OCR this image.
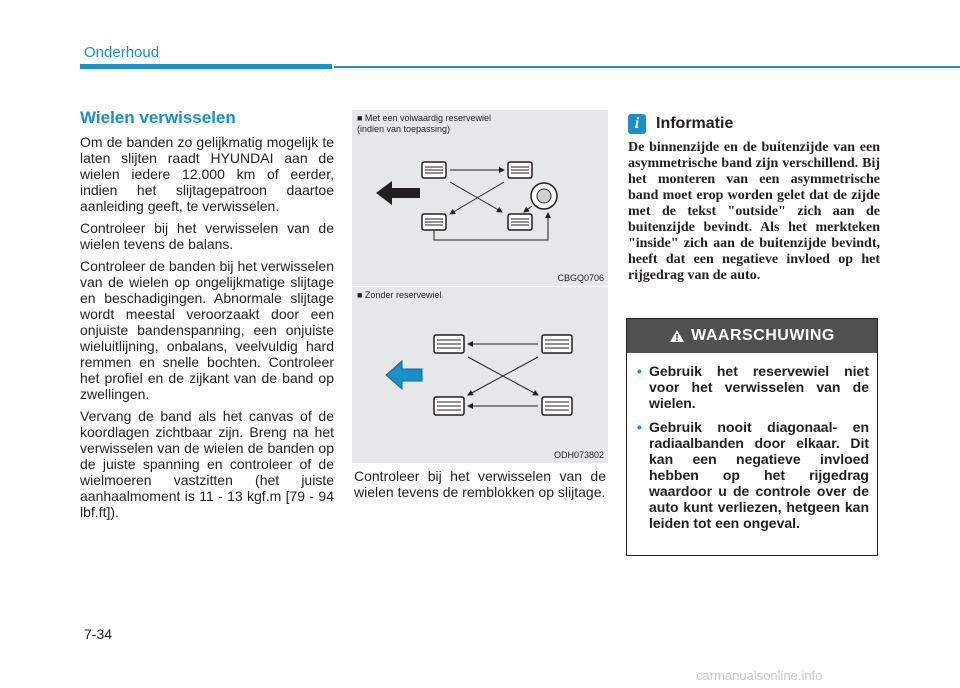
Onderhoud
Wielen verwisselen

Om de banden zo gelijkmatig mogelijk te laten slijten raadt HYUNDAI aan de wielen iedere 12.000 km of eerder, indien het slijtagepatroon daartoe aanleiding geeft, te verwisselen.

Controleer bij het verwisselen van de wielen tevens de balans.

Controleer de banden bij het verwisselen van de wielen op ongelijkmatige slijtage en beschadigingen. Abnormale slijtage wordt meestal veroorzaakt door een onjuiste bandenspanning, een onjuiste wieluitlijning, onbalans, veelvuldig hard remmen en snelle bochten. Controleer het profiel en de zijkant van de band op zwellingen.

Vervang de band als het canvas of de koordlagen zichtbaar zijn. Breng na het verwisselen van de wielen de banden op de juiste spanning en controleer of de wielmoeren vastzitten (het juiste aanhaalmoment is 11 - 13 kgf.m [79 - 94 lbf.ft]).

■ Met een volwaardig reservewiel
(indien van toepassing)
CBGQ0706
■ Zonder reservewiel
ODH073802

Controleer bij het verwisselen van de wielen tevens de remblokken op slijtage.

i	Informatie

De binnenzijde en de buitenzijde van een asymmetrische band zijn verschillend. Bij het monteren van een asymmetrische band moet erop worden gelet dat de zijde met de tekst "outside" zich aan de buitenzijde bevindt. Als het merkteken "inside" zich aan de buitenzijde bevindt, heeft dat een negatieve invloed op het rijgedrag van de auto.

WAARSCHUWING
• Gebruik het reservewiel niet voor het verwisselen van de wielen.
• Gebruik nooit diagonaal- en radiaalbanden door elkaar. Dit kan een negatieve invloed hebben op het rijgedrag waardoor u de controle over de auto kunt verliezen, hetgeen kan leiden tot een ongeval.
7-34
carmanualsonline.info
